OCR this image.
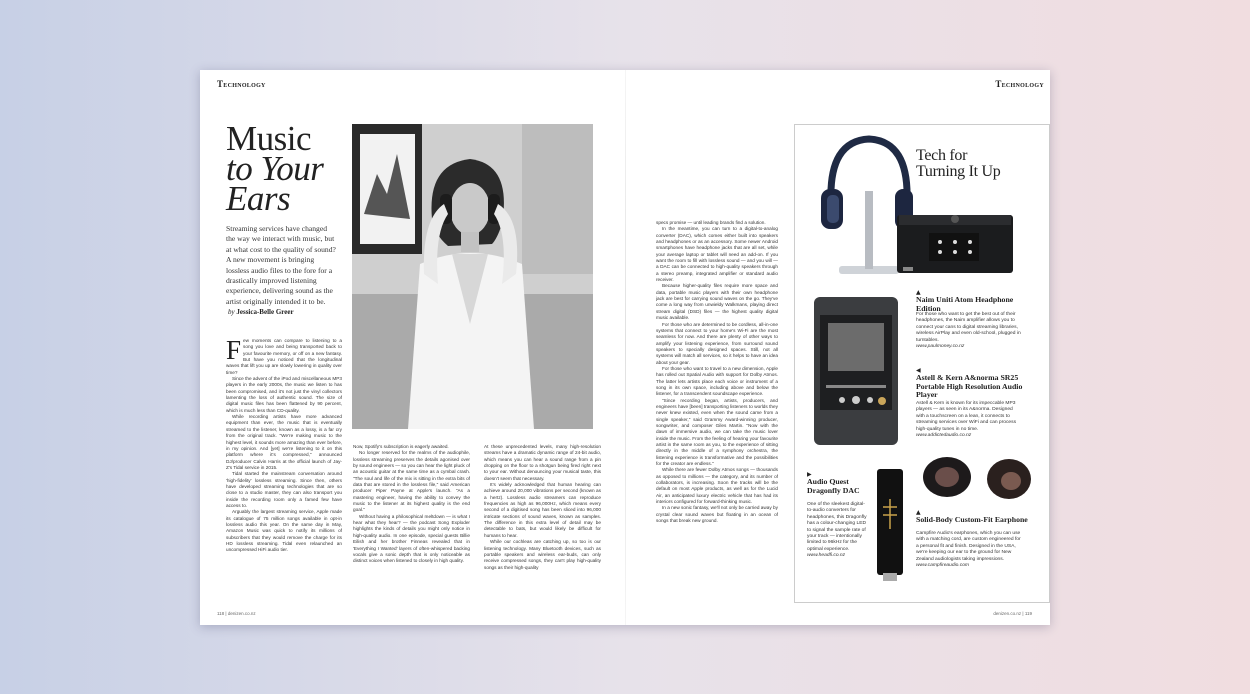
Technology	Technology
Music
to Your
Ears
Streaming services have changed the way we interact with music, but at what cost to the quality of sound? A new movement is bringing lossless audio files to the fore for a drastically improved listening experience, delivering sound as the artist originally intended it to be.
by Jessica-Belle Greer

Few moments can compare to listening to a song you love and being transported back to your favourite memory, or off on a new fantasy. But have you noticed that the longitudinal waves that lift you up are slowly lowering in quality over time?

Since the advent of the iPod and miscellaneous MP3 players in the early 2000s, the music we listen to has been compromised, and it's not just the vinyl collectors lamenting the loss of authentic sound. The size of digital music files has been flattened by 90 percent, which is much less than CD-quality.

While recording artists have more advanced equipment than ever, the music that is eventually streamed to the listener, known as a lossy, is a far cry from the original track. "We're making music to the highest level, it sounds more amazing than ever before, in my opinion. And [yet] we're listening to it on this platform where it's compressed," announced DJ/producer Calvin Harris at the official launch of Jay-Z's Tidal service in 2015.

Tidal started the mainstream conversation around 'high-fidelity' lossless streaming. Since then, others have developed streaming technologies that are so close to a studio master, they can also transport you inside the recording room only a famed few have access to.

Arguably the largest streaming service, Apple made its catalogue of 75 million songs available in opt-in lossless audio this year. On the same day in May, Amazon Music was quick to notify its millions of subscribers that they would remove the charge for its HD lossless streaming. Tidal even relaunched an uncompressed HiFi audio tier.

Now, Spotify's subscription is eagerly awaited.

No longer reserved for the realms of the audiophile, lossless streaming preserves the details agonised over by sound engineers — so you can hear the light pluck of an acoustic guitar at the same time as a cymbal crash. "The soul and life of the mix is sitting in the extra bits of data that are stored in the lossless file," said American producer Piper Payne at Apple's launch. "As a mastering engineer, having the ability to convey the music to the listener at its highest quality is the end goal."

Without having a philosophical meltdown — is what I hear what they hear? — the podcast Song Exploder highlights the kinds of details you might only notice in high-quality audio. In one episode, special guests Billie Eilish and her brother Finneas revealed that in 'Everything I Wanted' layers of often-whispered backing vocals give a sonic depth that is only noticeable as distinct voices when listened to closely in high quality.

At these unprecedented levels, many high-resolution streams have a dramatic dynamic range of 24-bit audio, which means you can hear a sound range from a pin dropping on the floor to a shotgun being fired right next to your ear. Without denouncing your musical taste, this doesn't seem that necessary.

It's widely acknowledged that human hearing can achieve around 20,000 vibrations per second (known as a hertz). Lossless audio streamers can reproduce frequencies as high as 96,000Hz, which means every second of a digitised song has been sliced into 96,000 intricate sections of sound waves, known as samples. The difference in this extra level of detail may be detectable to bats, but would likely be difficult for humans to hear.

While our cochleas are catching up, so too is our listening technology. Many Bluetooth devices, such as portable speakers and wireless ear-buds, can only receive compressed songs, they can't play high-quality songs as their high-quality

specs promise — until leading brands find a solution.

In the meantime, you can turn to a digital-to-analog converter (DAC), which comes either built into speakers and headphones or as an accessory. Some newer Android smartphones have headphone jacks that are all set, while your average laptop or tablet will need an add-on. If you want the room to fill with lossless sound — and you will — a DAC can be connected to high-quality speakers through a stereo preamp, integrated amplifier or standard audio receiver.

Because higher-quality files require more space and data, portable music players with their own headphone jack are best for carrying sound waves on the go. They've come a long way from unwieldy Walkmans, playing direct stream digital (DSD) files — the highest quality digital music available.

For those who are determined to be cordless, all-in-one systems that connect to your home's Wi-Fi are the most seamless for now. And there are plenty of other ways to amplify your listening experience, from surround sound speakers to specially designed spaces. Still, not all systems will match all services, so it helps to have an idea about your gear.

For those who want to travel to a new dimension, Apple has rolled out Spatial Audio with support for Dolby Atmos. The latter lets artists place each voice or instrument of a song in its own space, including above and below the listener, for a transcendent soundscape experience.

"Since recording began, artists, producers, and engineers have [been] transporting listeners to worlds they never knew existed, even when the sound came from a single speaker," said Grammy Award-winning producer, songwriter, and composer Giles Martin. "Now with the dawn of immersive audio, we can take the music lover inside the music. From the feeling of hearing your favourite artist in the same room as you, to the experience of sitting directly in the middle of a symphony orchestra, the listening experience is transformative and the possibilities for the creator are endless."

While there are fewer Dolby Atmos songs — thousands as opposed to millions — the category, and its number of collaborators, is increasing. Soon the tracks will be the default on most Apple products, as well as for the Lucid Air, an anticipated luxury electric vehicle that has had its interiors configured for forward-thinking music.

In a new sonic fantasy, we'll not only be carried away by crystal clear sound waves but floating in an ocean of songs that break new ground.

118 | denizen.co.nz	denizen.co.nz | 119
Tech for
Turning It Up
▲
Naim Uniti Atom Headphone Edition
For those who want to get the best out of their headphones, the Naim amplifier allows you to connect your cans to digital streaming libraries, wireless AirPlay and even old-school, plugged in turntables.
www.paulmoney.co.nz
◀
Astell & Kern A&norma SR25 Portable High Resolution Audio Player
Astell & Kern is known for its impeccable MP3 players — as seen in its A&norma. Designed with a touchscreen on a lean, it connects to streaming services over WiFi and can process high-quality tunes in no time.
www.addictedaudio.co.nz
▶
Audio Quest Dragonfly DAC
One of the sleekest digital-to-audio converters for headphones, this Dragonfly has a colour-changing LED to signal the sample rate of your track — intentionally limited to 96kHz for the optimal experience.
www.headfi.co.nz
▲
Solid-Body Custom-Fit Earphone
Campfire Audio's earphones, which you can use with a matching cord, are custom engineered for a personal fit and finish. Designed in the USA, we're keeping our ear to the ground for New Zealand audiologists taking impressions.
www.campfireaudio.com
